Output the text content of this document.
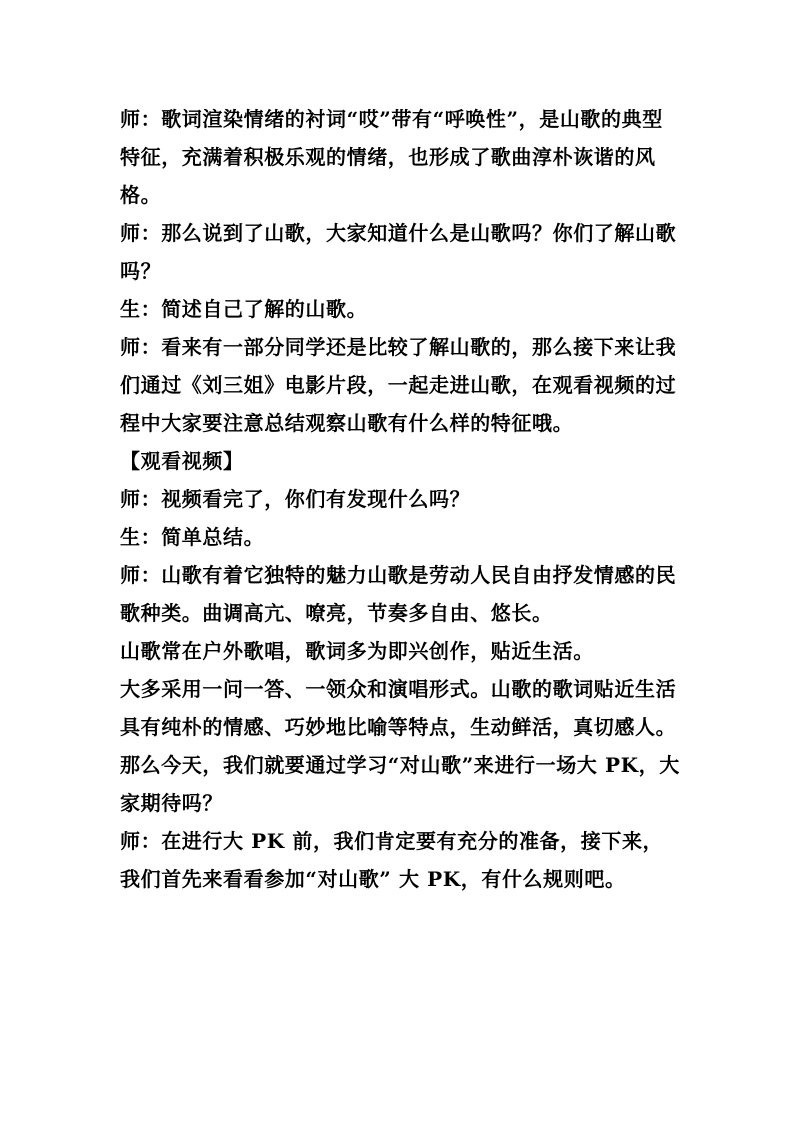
师：歌词渲染情绪的衬词“哎”带有“呼唤性”，是山歌的典型特征，充满着积极乐观的情绪，也形成了歌曲淳朴诙谐的风格。

师：那么说到了山歌，大家知道什么是山歌吗？你们了解山歌吗？

生：简述自己了解的山歌。

师：看来有一部分同学还是比较了解山歌的，那么接下来让我们通过《刘三姐》电影片段，一起走进山歌，在观看视频的过程中大家要注意总结观察山歌有什么样的特征哦。

【观看视频】

师：视频看完了，你们有发现什么吗？

生：简单总结。

师：山歌有着它独特的魅力山歌是劳动人民自由抒发情感的民歌种类。曲调高亢、嘹亮，节奏多自由、悠长。

山歌常在户外歌唱，歌词多为即兴创作，贴近生活。

大多采用一问一答、一领众和演唱形式。山歌的歌词贴近生活具有纯朴的情感、巧妙地比喻等特点，生动鲜活，真切感人。

那么今天，我们就要通过学习“对山歌”来进行一场大 PK，大家期待吗？

师：在进行大 PK 前，我们肯定要有充分的准备，接下来，我们首先来看看参加“对山歌” 大 PK，有什么规则吧。
